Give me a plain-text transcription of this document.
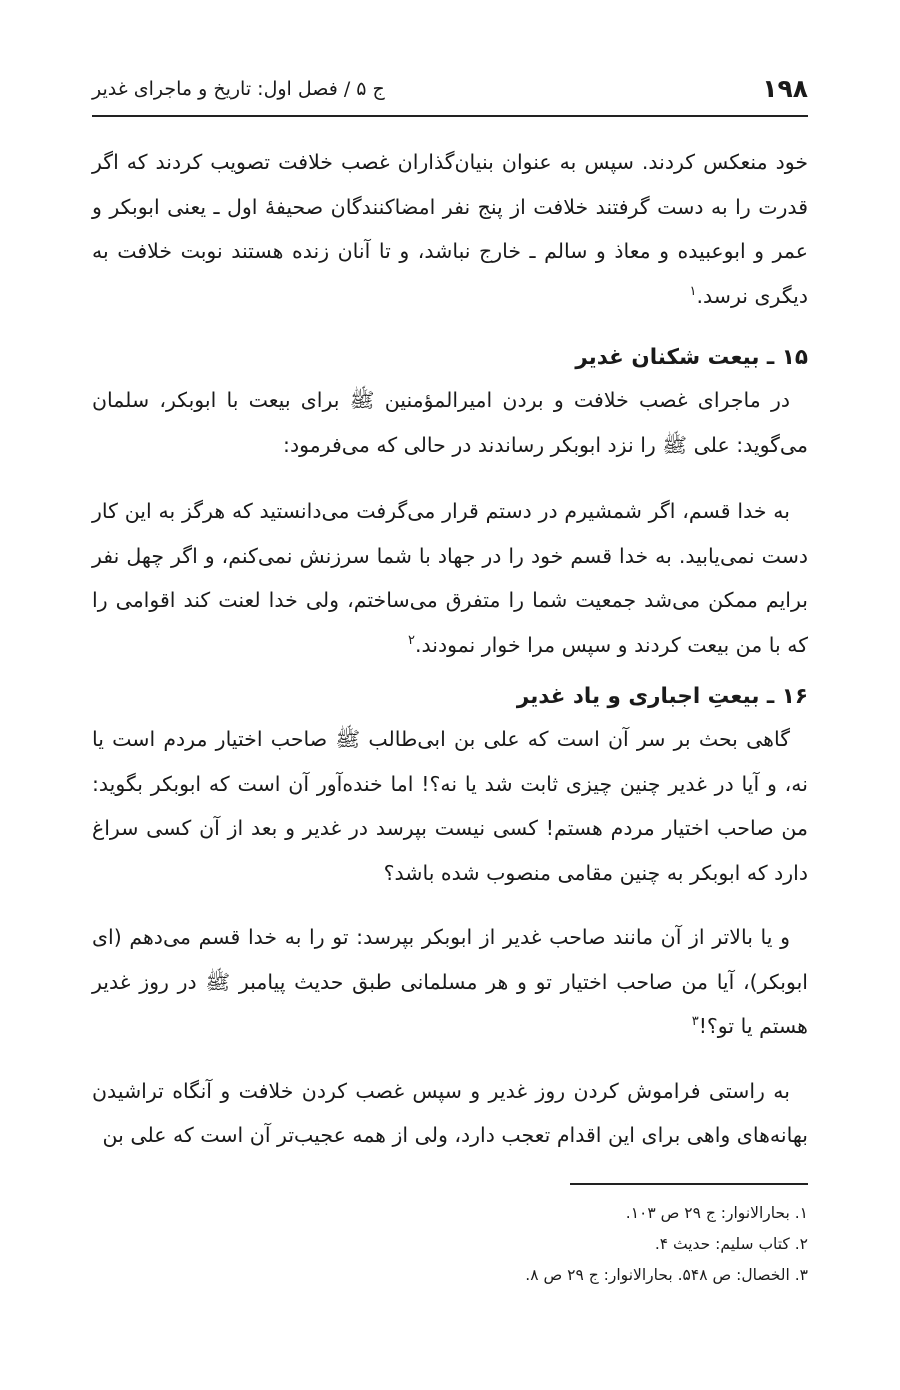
۱۹۸
ج ۵ / فصل اول: تاریخ و ماجرای غدیر

خود منعکس کردند. سپس به عنوان بنیان‌گذاران غصب خلافت تصویب کردند که اگر قدرت را به دست گرفتند خلافت از پنج نفر امضاکنندگان صحیفهٔ اول ـ یعنی ابوبکر و عمر و ابوعبیده و معاذ و سالم ـ خارج نباشد، و تا آنان زنده هستند نوبت خلافت به دیگری نرسد.$^۱$

۱۵ ـ بیعت شکنان غدیر

در ماجرای غصب خلافت و بردن امیرالمؤمنین ﷺ برای بیعت با ابوبکر، سلمان می‌گوید: علی ﷺ را نزد ابوبکر رساندند در حالی که می‌فرمود:

به خدا قسم، اگر شمشیرم در دستم قرار می‌گرفت می‌دانستید که هرگز به این کار دست نمی‌یابید. به خدا قسم خود را در جهاد با شما سرزنش نمی‌کنم، و اگر چهل نفر برایم ممکن می‌شد جمعیت شما را متفرق می‌ساختم، ولی خدا لعنت کند اقوامی را که با من بیعت کردند و سپس مرا خوار نمودند.$^۲$

۱۶ ـ بیعتِ اجباری و یاد غدیر

گاهی بحث بر سر آن است که علی بن ابی‌طالب ﷺ صاحب اختیار مردم است یا نه، و آیا در غدیر چنین چیزی ثابت شد یا نه؟! اما خنده‌آور آن است که ابوبکر بگوید: من صاحب اختیار مردم هستم! کسی نیست بپرسد در غدیر و بعد از آن کسی سراغ دارد که ابوبکر به چنین مقامی منصوب شده باشد؟

و یا بالاتر از آن مانند صاحب غدیر از ابوبکر بپرسد: تو را به خدا قسم می‌دهم (ای ابوبکر)، آیا من صاحب اختیار تو و هر مسلمانی طبق حدیث پیامبر ﷺ در روز غدیر هستم یا تو؟!$^۳$

به راستی فراموش کردن روز غدیر و سپس غصب کردن خلافت و آنگاه تراشیدن بهانه‌های واهی برای این اقدام تعجب دارد، ولی از همه عجیب‌تر آن است که علی بن

۱. بحارالانوار: ج ۲۹ ص ۱۰۳.

۲. کتاب سلیم: حدیث ۴.

۳. الخصال: ص ۵۴۸. بحارالانوار: ج ۲۹ ص ۸.
